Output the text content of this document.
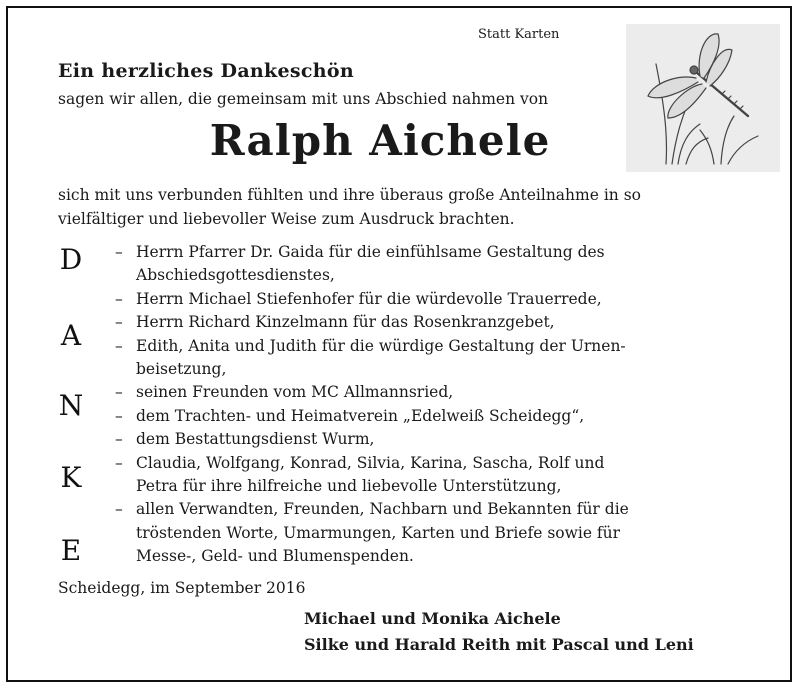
Statt Karten
Ein herzliches Dankeschön
sagen wir allen, die gemeinsam mit uns Abschied nahmen von
Ralph Aichele
sich mit uns verbunden fühlten und ihre überaus große Anteilnahme in so
vielfältiger und liebevoller Weise zum Ausdruck brachten.
D
A
N
K
E
– Herrn Pfarrer Dr. Gaida für die einfühlsame Gestaltung des
Abschiedsgottesdienstes,
– Herrn Michael Stiefenhofer für die würdevolle Trauerrede,
– Herrn Richard Kinzelmann für das Rosenkranzgebet,
– Edith, Anita und Judith für die würdige Gestaltung der Urnen-
beisetzung,
– seinen Freunden vom MC Allmannsried,
– dem Trachten- und Heimatverein „Edelweiß Scheidegg“,
– dem Bestattungsdienst Wurm,
– Claudia, Wolfgang, Konrad, Silvia, Karina, Sascha, Rolf und
Petra für ihre hilfreiche und liebevolle Unterstützung,
– allen Verwandten, Freunden, Nachbarn und Bekannten für die
tröstenden Worte, Umarmungen, Karten und Briefe sowie für
Messe-, Geld- und Blumenspenden.
Scheidegg, im September 2016
Michael und Monika Aichele
Silke und Harald Reith mit Pascal und Leni
